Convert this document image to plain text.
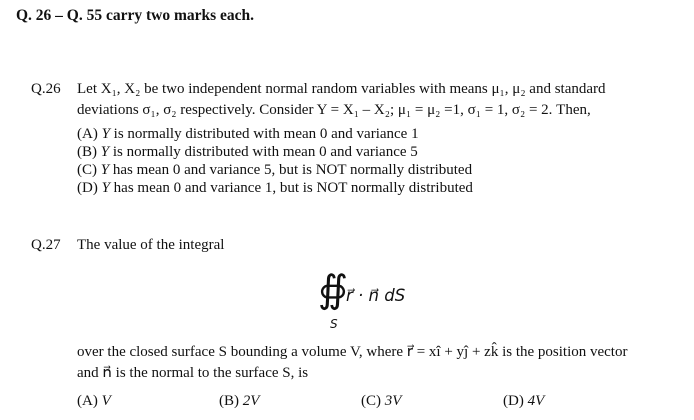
Q. 26 – Q. 55 carry two marks each.
Q.26 Let X₁, X₂ be two independent normal random variables with means μ₁, μ₂ and standard
deviations σ₁, σ₂ respectively. Consider Y = X₁ – X₂; μ₁ = μ₂ =1, σ₁ = 1, σ₂ = 2. Then,
(A) Y is normally distributed with mean 0 and variance 1
(B) Y is normally distributed with mean 0 and variance 5
(C) Y has mean 0 and variance 5, but is NOT normally distributed
(D) Y has mean 0 and variance 1, but is NOT normally distributed
Q.27 The value of the integral
∯
r⃗ · n⃗ dS
S
over the closed surface S bounding a volume V, where r⃗ = xî + yĵ + zk̂ is the position vector
and n⃗ is the normal to the surface S, is
(A) V	(B) 2V	(C) 3V	(D) 4V
